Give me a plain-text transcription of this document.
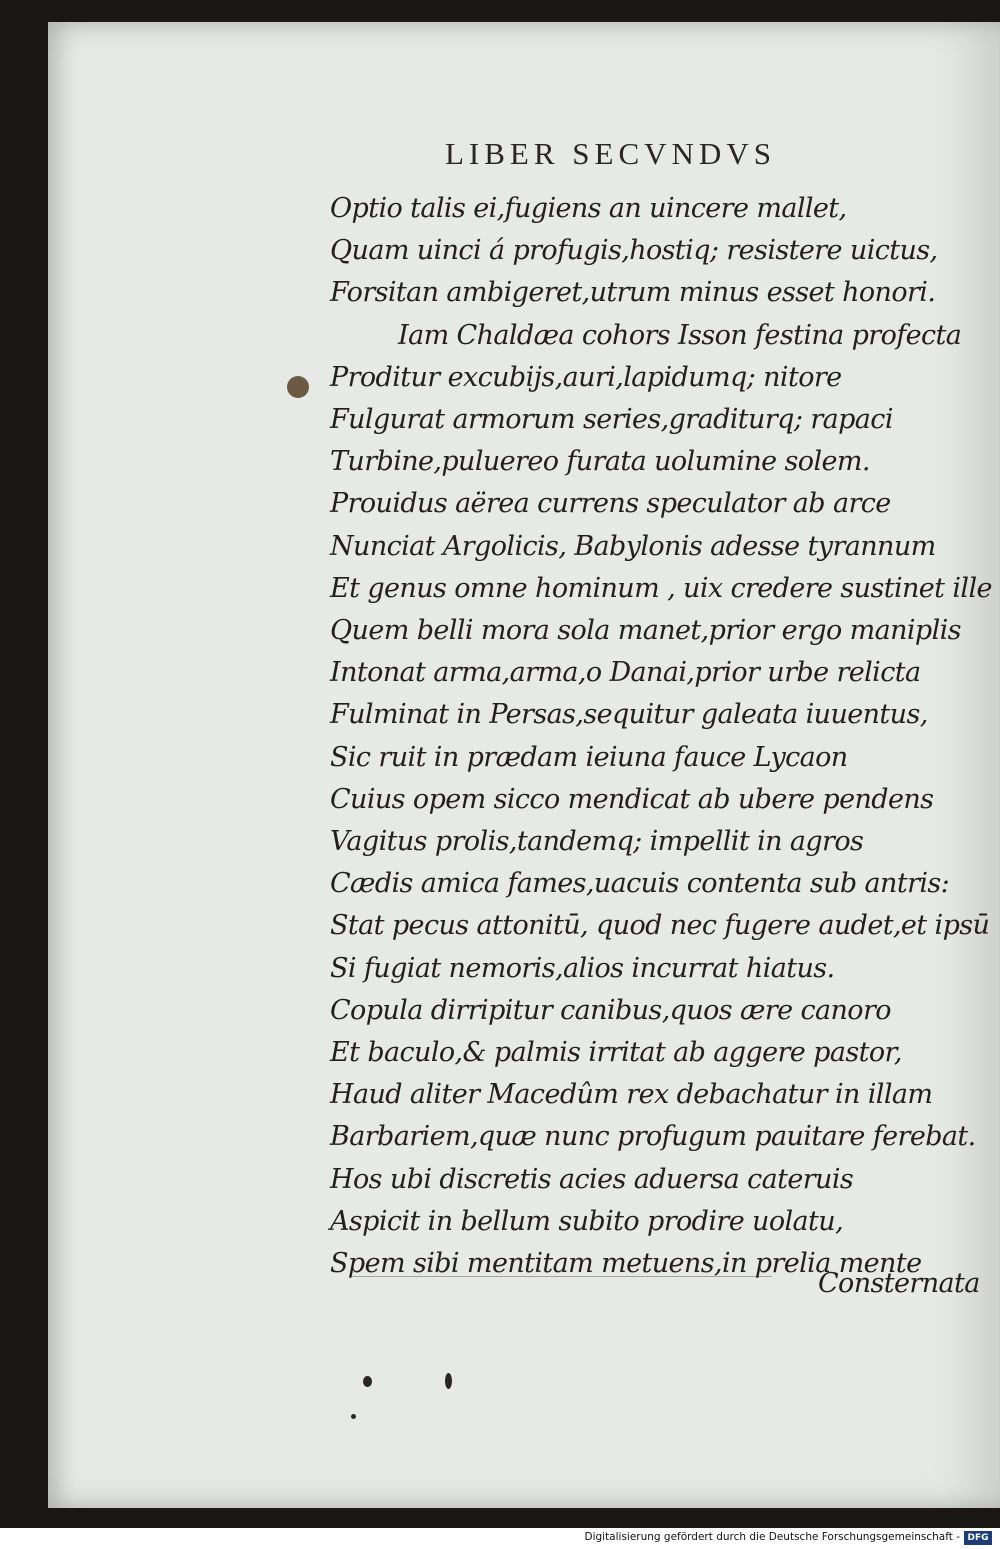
LIBER SECVNDVS
Optio talis ei,fugiens an uincere mallet,
Quam uinci á profugis,hostiq; resistere uictus,
Forsitan ambigeret,utrum minus esset honori.
Iam Chaldæa cohors Isson festina profecta
Proditur excubijs,auri,lapidumq; nitore
Fulgurat armorum series,graditurq; rapaci
Turbine,puluereo furata uolumine solem.
Prouidus aërea currens speculator ab arce
Nunciat Argolicis, Babylonis adesse tyrannum
Et genus omne hominum , uix credere sustinet ille
Quem belli mora sola manet,prior ergo maniplis
Intonat arma,arma,o Danai,prior urbe relicta
Fulminat in Persas,sequitur galeata iuuentus,
Sic ruit in prædam ieiuna fauce Lycaon
Cuius opem sicco mendicat ab ubere pendens
Vagitus prolis,tandemq; impellit in agros
Cædis amica fames,uacuis contenta sub antris:
Stat pecus attonitū, quod nec fugere audet,et ipsū
Si fugiat nemoris,alios incurrat hiatus.
Copula dirripitur canibus,quos ære canoro
Et baculo,& palmis irritat ab aggere pastor,
Haud aliter Macedûm rex debachatur in illam
Barbariem,quæ nunc profugum pauitare ferebat.
Hos ubi discretis acies aduersa cateruis
Aspicit in bellum subito prodire uolatu,
Spem sibi mentitam metuens,in prelia mente
Consternata
Digitalisierung gefördert durch die Deutsche Forschungsgemeinschaft - DFG
